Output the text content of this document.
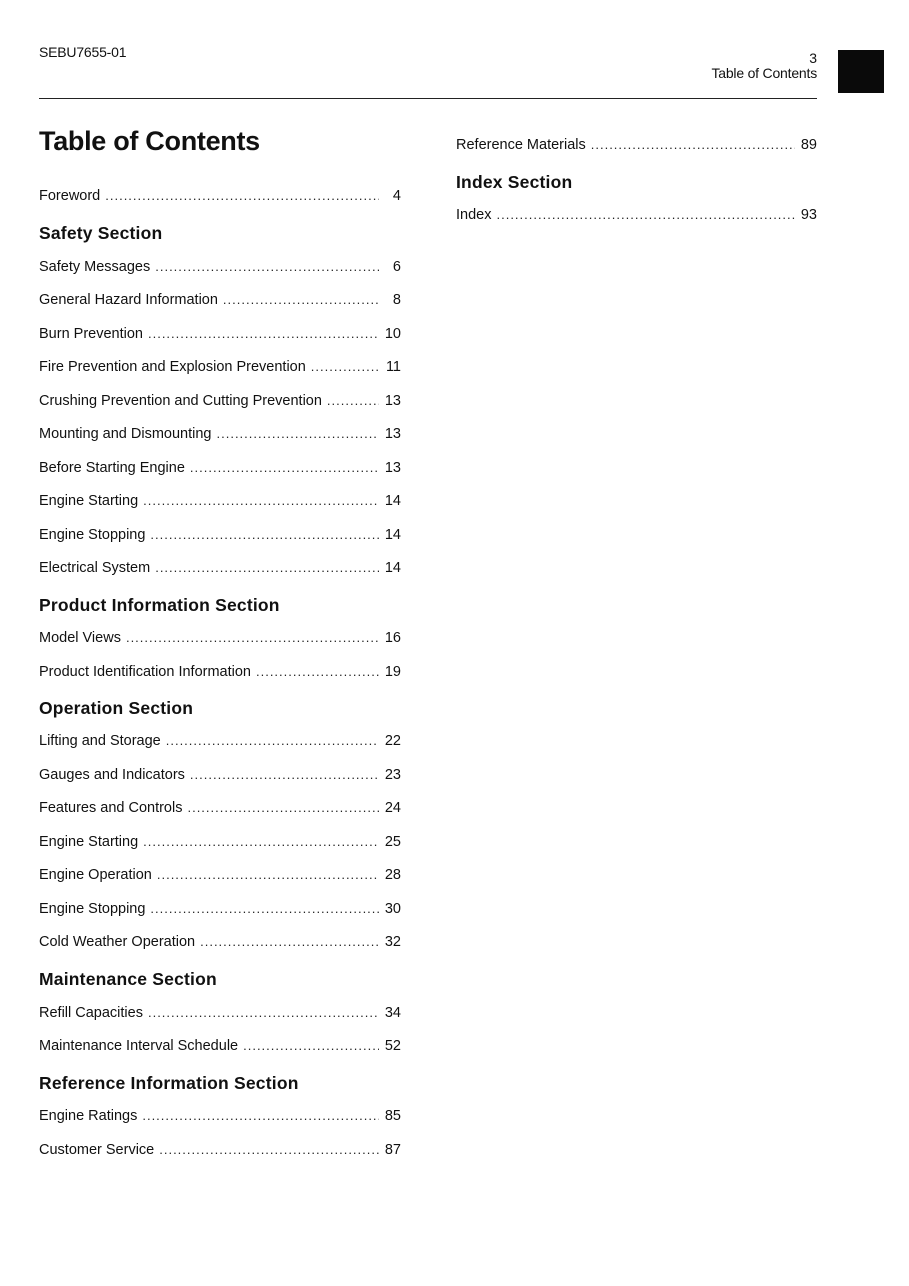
SEBU7655-01	3
Table of Contents
Table of Contents
Foreword .....	4
Safety Section
Safety Messages .....	6
General Hazard Information .....	8
Burn Prevention .....	10
Fire Prevention and Explosion Prevention .....	11
Crushing Prevention and Cutting Prevention .....	13
Mounting and Dismounting .....	13
Before Starting Engine .....	13
Engine Starting .....	14
Engine Stopping .....	14
Electrical System .....	14
Product Information Section
Model Views .....	16
Product Identification Information .....	19
Operation Section
Lifting and Storage .....	22
Gauges and Indicators .....	23
Features and Controls .....	24
Engine Starting .....	25
Engine Operation .....	28
Engine Stopping .....	30
Cold Weather Operation .....	32
Maintenance Section
Refill Capacities .....	34
Maintenance Interval Schedule .....	52
Reference Information Section
Engine Ratings .....	85
Customer Service .....	87
Reference Materials .....	89
Index Section
Index .....	93
